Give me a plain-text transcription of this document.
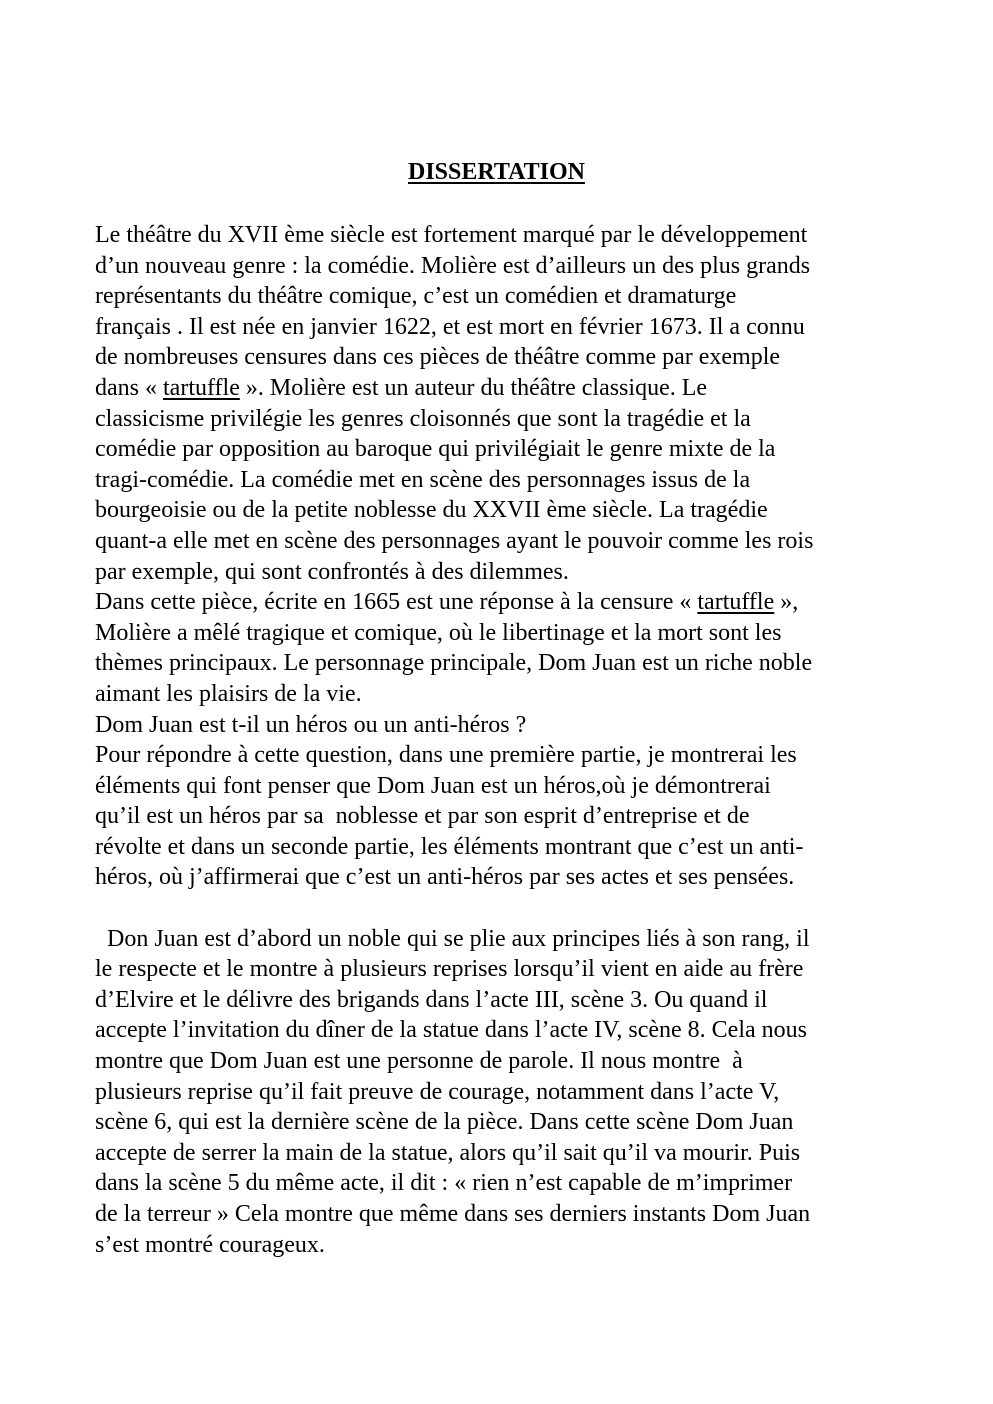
DISSERTATION
Le théâtre du XVII ème siècle est fortement marqué par le développement
d’un nouveau genre : la comédie. Molière est d’ailleurs un des plus grands
représentants du théâtre comique, c’est un comédien et dramaturge
français . Il est née en janvier 1622, et est mort en février 1673. Il a connu
de nombreuses censures dans ces pièces de théâtre comme par exemple
dans « tartuffle ». Molière est un auteur du théâtre classique. Le
classicisme privilégie les genres cloisonnés que sont la tragédie et la
comédie par opposition au baroque qui privilégiait le genre mixte de la
tragi-comédie. La comédie met en scène des personnages issus de la
bourgeoisie ou de la petite noblesse du XXVII ème siècle. La tragédie
quant-a elle met en scène des personnages ayant le pouvoir comme les rois
par exemple, qui sont confrontés à des dilemmes.
Dans cette pièce, écrite en 1665 est une réponse à la censure « tartuffle »,
Molière a mêlé tragique et comique, où le libertinage et la mort sont les
thèmes principaux. Le personnage principale, Dom Juan est un riche noble
aimant les plaisirs de la vie.
Dom Juan est t-il un héros ou un anti-héros ?
Pour répondre à cette question, dans une première partie, je montrerai les
éléments qui font penser que Dom Juan est un héros,où je démontrerai
qu’il est un héros par sa  noblesse et par son esprit d’entreprise et de
révolte et dans un seconde partie, les éléments montrant que c’est un anti-
héros, où j’affirmerai que c’est un anti-héros par ses actes et ses pensées.
Don Juan est d’abord un noble qui se plie aux principes liés à son rang, il
le respecte et le montre à plusieurs reprises lorsqu’il vient en aide au frère
d’Elvire et le délivre des brigands dans l’acte III, scène 3. Ou quand il
accepte l’invitation du dîner de la statue dans l’acte IV, scène 8. Cela nous
montre que Dom Juan est une personne de parole. Il nous montre  à
plusieurs reprise qu’il fait preuve de courage, notamment dans l’acte V,
scène 6, qui est la dernière scène de la pièce. Dans cette scène Dom Juan
accepte de serrer la main de la statue, alors qu’il sait qu’il va mourir. Puis
dans la scène 5 du même acte, il dit : « rien n’est capable de m’imprimer
de la terreur » Cela montre que même dans ses derniers instants Dom Juan
s’est montré courageux.
